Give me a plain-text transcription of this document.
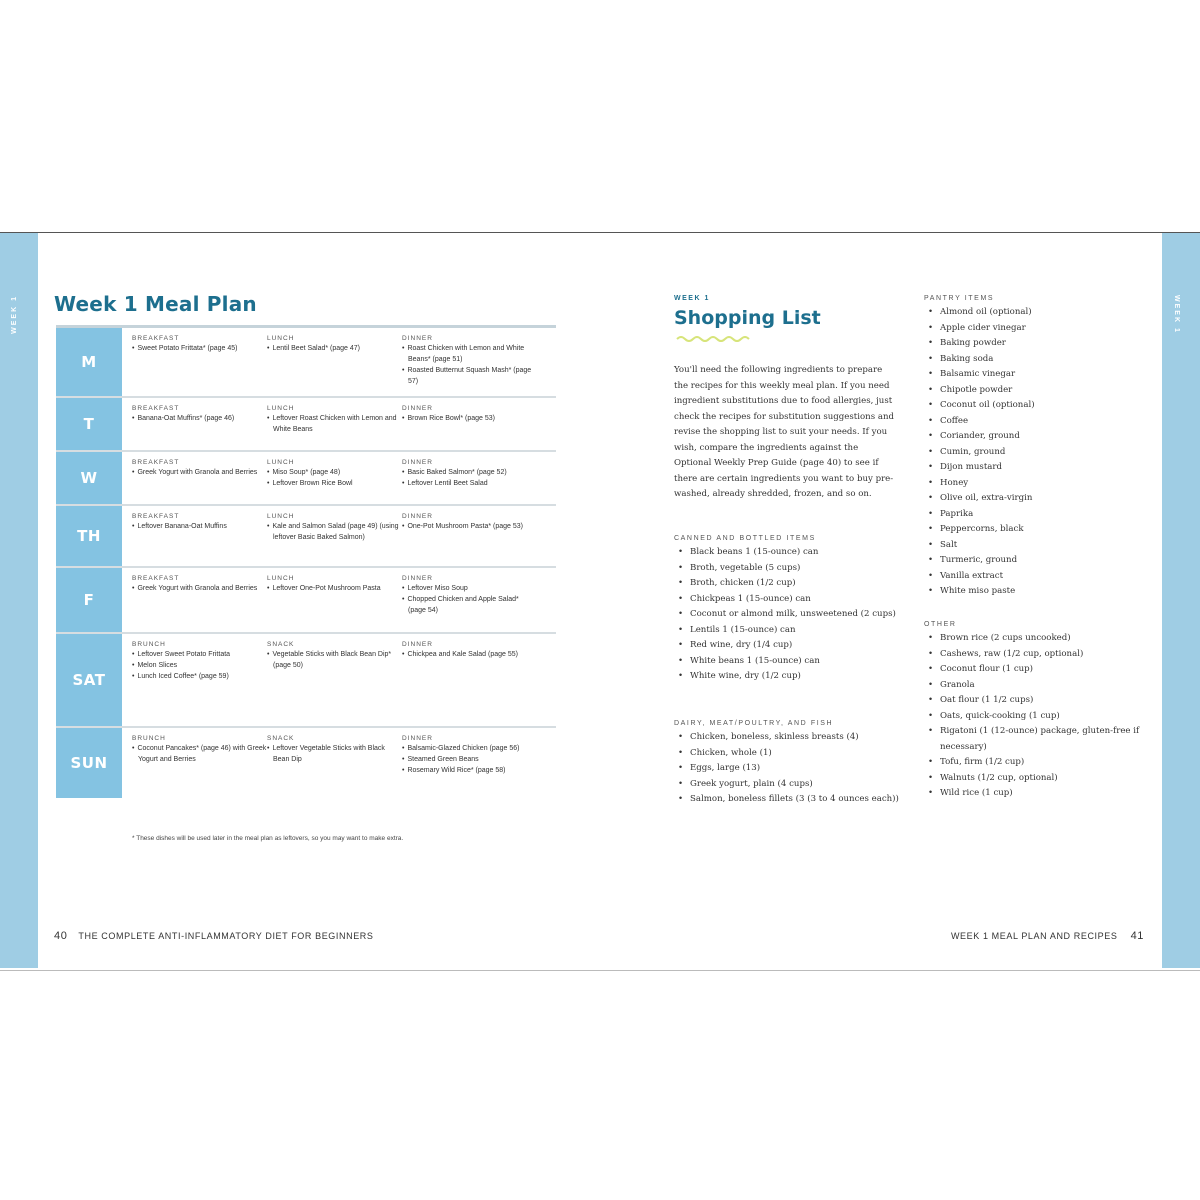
WEEK 1	WEEK 1
Week 1 Meal Plan
M
BREAKFAST
• Sweet Potato Frittata* (page 45)
LUNCH
• Lentil Beet Salad* (page 47)
DINNER
• Roast Chicken with Lemon and White Beans* (page 51)
• Roasted Butternut Squash Mash* (page 57)
T
BREAKFAST
• Banana-Oat Muffins* (page 46)
LUNCH
• Leftover Roast Chicken with Lemon and White Beans
DINNER
• Brown Rice Bowl* (page 53)
W
BREAKFAST
• Greek Yogurt with Granola and Berries
LUNCH
• Miso Soup* (page 48)
• Leftover Brown Rice Bowl
DINNER
• Basic Baked Salmon* (page 52)
• Leftover Lentil Beet Salad
TH
BREAKFAST
• Leftover Banana-Oat Muffins
LUNCH
• Kale and Salmon Salad (page 49) (using leftover Basic Baked Salmon)
DINNER
• One-Pot Mushroom Pasta* (page 53)
F
BREAKFAST
• Greek Yogurt with Granola and Berries
LUNCH
• Leftover One-Pot Mushroom Pasta
DINNER
• Leftover Miso Soup
• Chopped Chicken and Apple Salad* (page 54)
SAT
BRUNCH
• Leftover Sweet Potato Frittata
• Melon Slices
• Lunch Iced Coffee* (page 59)
SNACK
• Vegetable Sticks with Black Bean Dip* (page 50)
DINNER
• Chickpea and Kale Salad (page 55)
SUN
BRUNCH
• Coconut Pancakes* (page 46) with Greek Yogurt and Berries
SNACK
• Leftover Vegetable Sticks with Black Bean Dip
DINNER
• Balsamic-Glazed Chicken (page 56)
• Steamed Green Beans
• Rosemary Wild Rice* (page 58)
* These dishes will be used later in the meal plan as leftovers, so you may want to make extra.
40 THE COMPLETE ANTI-INFLAMMATORY DIET FOR BEGINNERS
WEEK 1
Shopping List
You'll need the following ingredients to prepare the recipes for this weekly meal plan. If you need ingredient substitutions due to food allergies, just check the recipes for substitution suggestions and revise the shopping list to suit your needs. If you wish, compare the ingredients against the Optional Weekly Prep Guide (page 40) to see if there are certain ingredients you want to buy pre-washed, already shredded, frozen, and so on.
CANNED AND BOTTLED ITEMS
• Black beans 1 (15-ounce) can
• Broth, vegetable (5 cups)
• Broth, chicken (1/2 cup)
• Chickpeas 1 (15-ounce) can
• Coconut or almond milk, unsweetened (2 cups)
• Lentils 1 (15-ounce) can
• Red wine, dry (1/4 cup)
• White beans 1 (15-ounce) can
• White wine, dry (1/2 cup)
DAIRY, MEAT/POULTRY, AND FISH
• Chicken, boneless, skinless breasts (4)
• Chicken, whole (1)
• Eggs, large (13)
• Greek yogurt, plain (4 cups)
• Salmon, boneless fillets (3 (3 to 4 ounces each))
PANTRY ITEMS
• Almond oil (optional)
• Apple cider vinegar
• Baking powder
• Baking soda
• Balsamic vinegar
• Chipotle powder
• Coconut oil (optional)
• Coffee
• Coriander, ground
• Cumin, ground
• Dijon mustard
• Honey
• Olive oil, extra-virgin
• Paprika
• Peppercorns, black
• Salt
• Turmeric, ground
• Vanilla extract
• White miso paste
OTHER
• Brown rice (2 cups uncooked)
• Cashews, raw (1/2 cup, optional)
• Coconut flour (1 cup)
• Granola
• Oat flour (1 1/2 cups)
• Oats, quick-cooking (1 cup)
• Rigatoni (1 (12-ounce) package, gluten-free if necessary)
• Tofu, firm (1/2 cup)
• Walnuts (1/2 cup, optional)
• Wild rice (1 cup)
WEEK 1 MEAL PLAN AND RECIPES 41
